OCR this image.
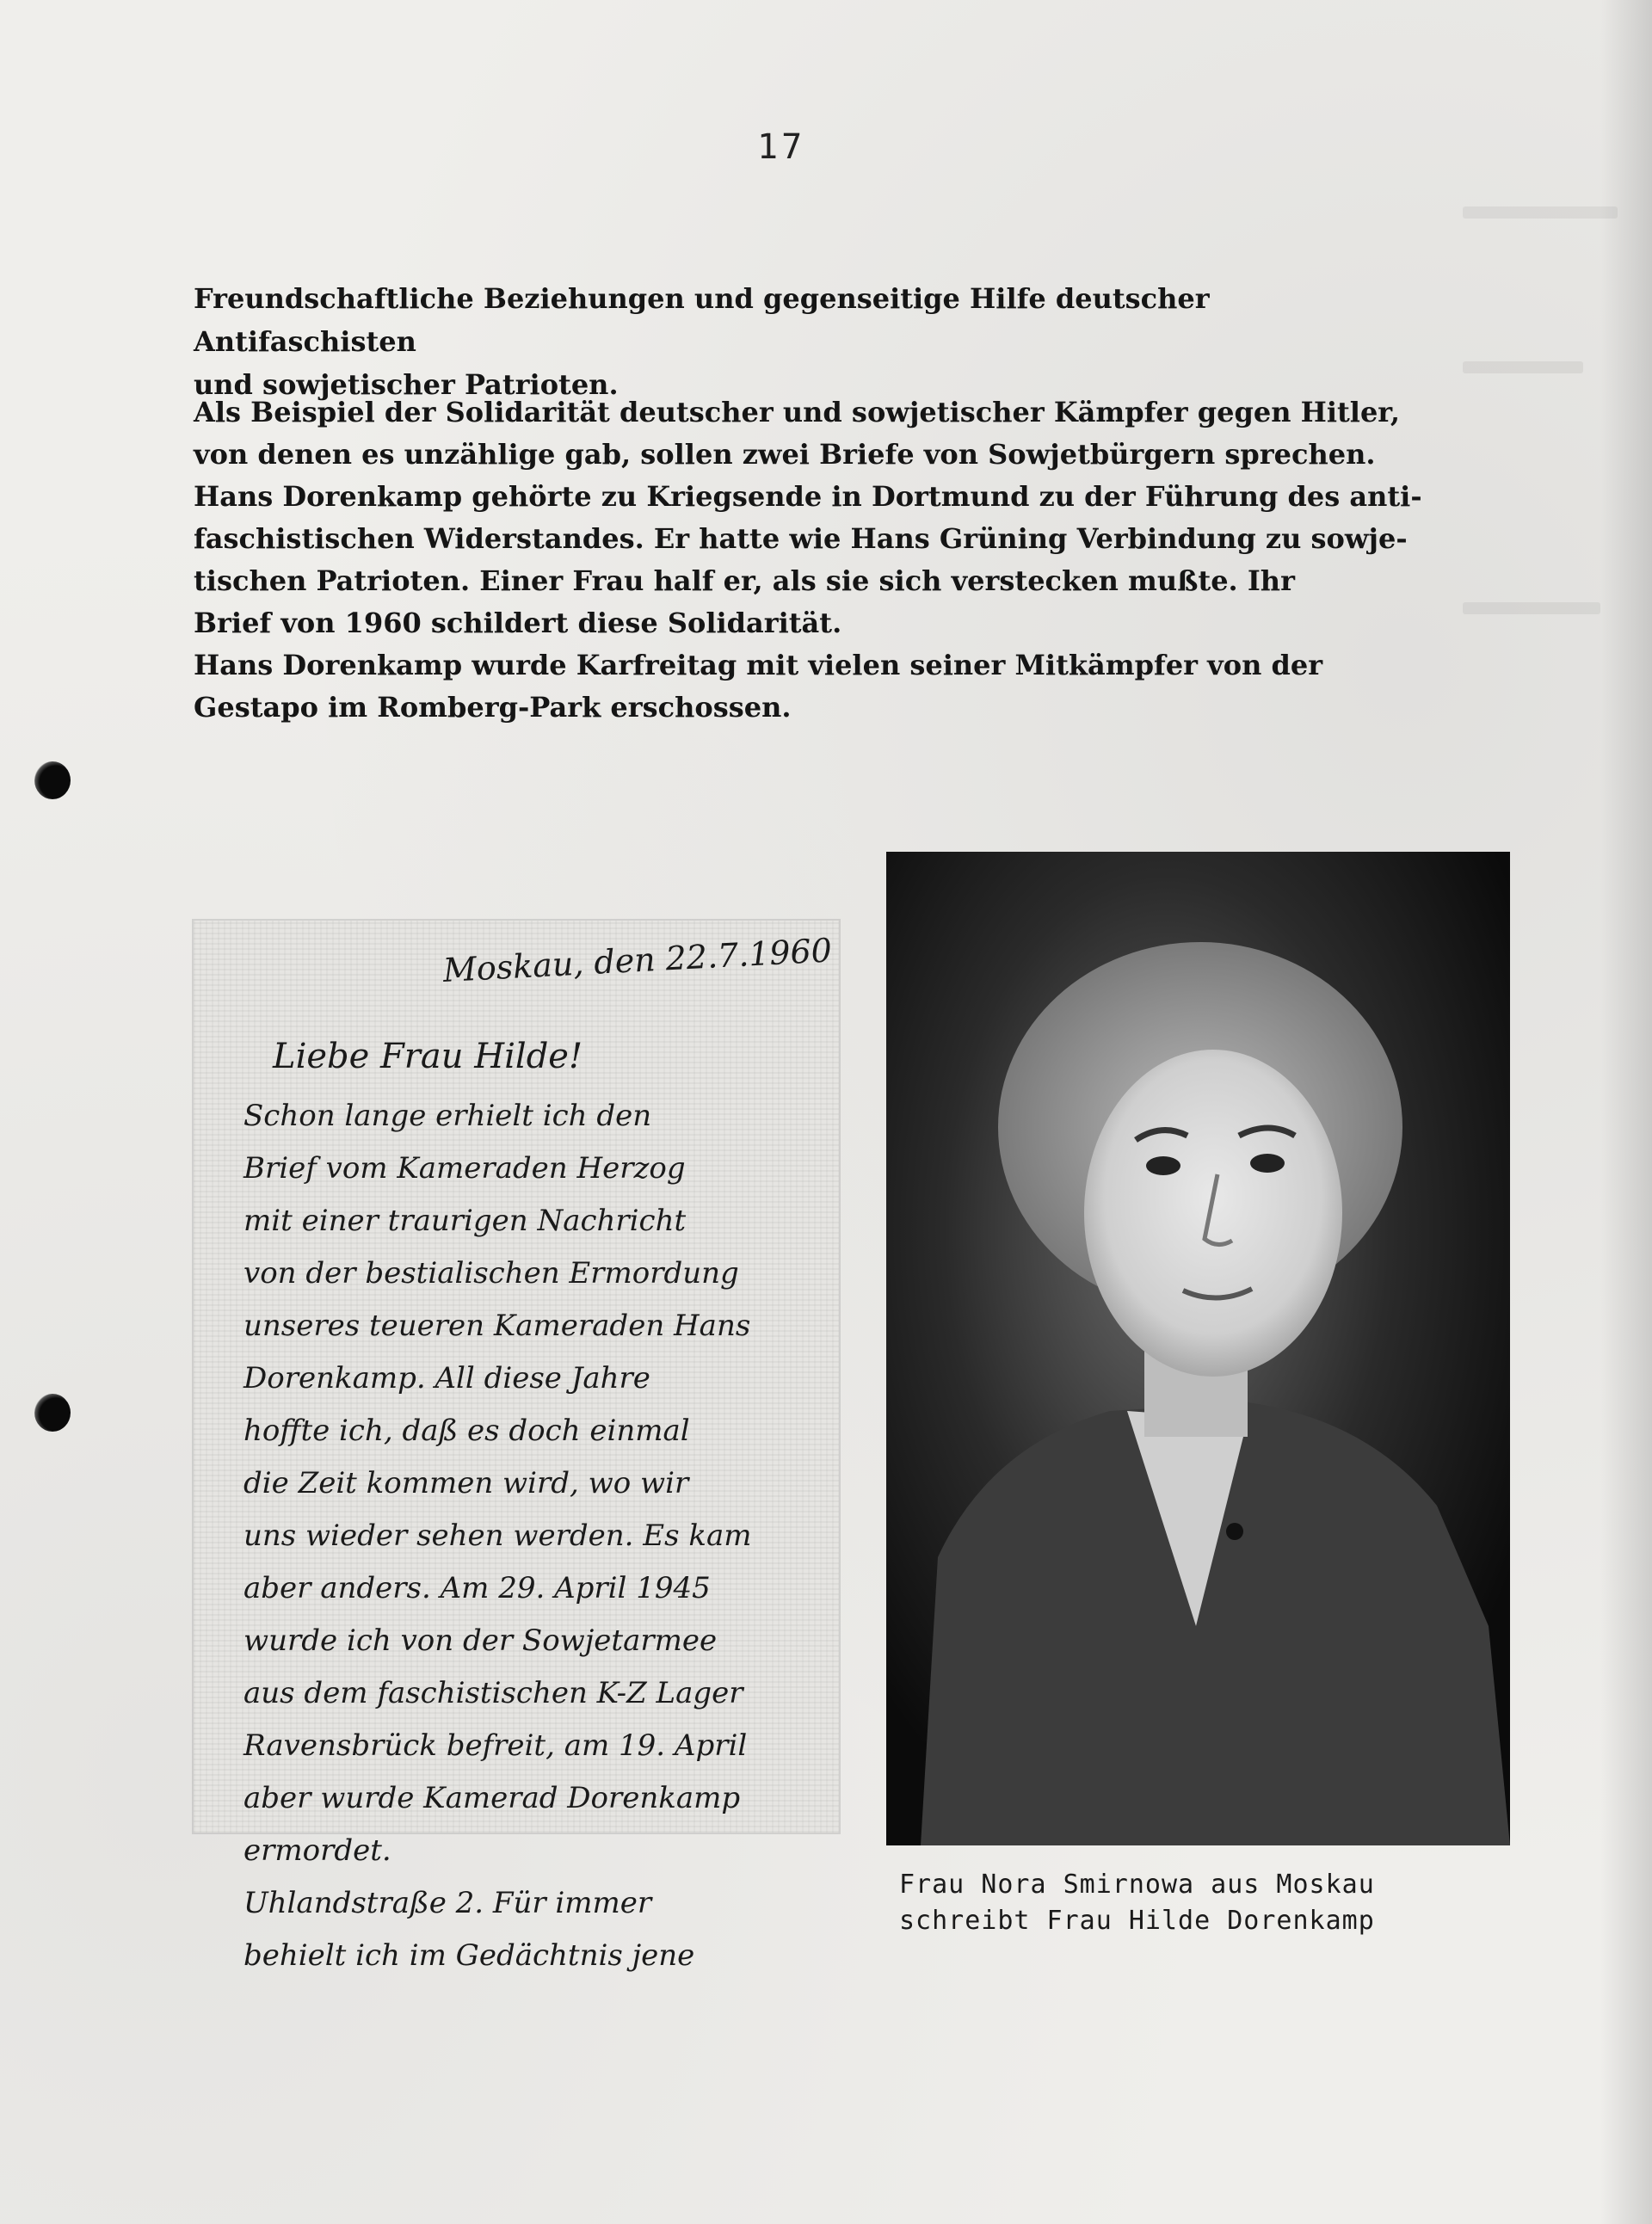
17
Freundschaftliche Beziehungen und gegenseitige Hilfe deutscher Antifaschisten
und sowjetischer Patrioten.

Als Beispiel der Solidarität deutscher und sowjetischer Kämpfer gegen Hitler,

von denen es unzählige gab, sollen zwei Briefe von Sowjetbürgern sprechen.

Hans Dorenkamp gehörte zu Kriegsende in Dortmund zu der Führung des anti-

faschistischen Widerstandes. Er hatte wie Hans Grüning Verbindung zu sowje-

tischen Patrioten. Einer Frau half er, als sie sich verstecken mußte. Ihr

Brief von 1960 schildert diese Solidarität.

Hans Dorenkamp wurde Karfreitag mit vielen seiner Mitkämpfer von der

Gestapo im Romberg-Park erschossen.

Moskau, den 22.7.1960
Liebe Frau Hilde!
Schon lange erhielt ich den
Brief vom Kameraden Herzog
mit einer traurigen Nachricht
von der bestialischen Ermordung
unseres teueren Kameraden Hans
Dorenkamp. All diese Jahre
hoffte ich, daß es doch einmal
die Zeit kommen wird, wo wir
uns wieder sehen werden. Es kam
aber anders. Am 29. April 1945
wurde ich von der Sowjetarmee
aus dem faschistischen K-Z Lager
Ravensbrück befreit, am 19. April
aber wurde Kamerad Dorenkamp
ermordet.
Uhlandstraße 2. Für immer
behielt ich im Gedächtnis jene
Frau Nora Smirnowa aus Moskau
schreibt Frau Hilde Dorenkamp
